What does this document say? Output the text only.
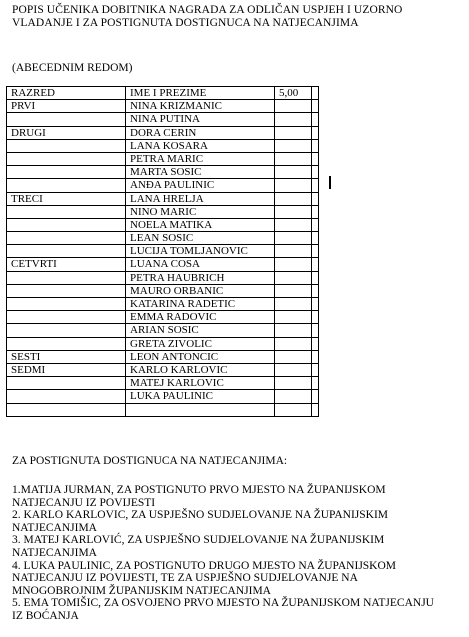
POPIS UČENIKA DOBITNIKA NAGRADA ZA ODLIČAN USPJEH I UZORNO
VLADANJE I ZA POSTIGNUTA DOSTIGNUCA NA NATJECANJIMA
(ABECEDNIM REDOM)
RAZRED	IME I PREZIME	5,00	
PRVI	NINA KRIZMANIC		
	NINA PUTINA		
DRUGI	DORA CERIN		
	LANA KOSARA		
	PETRA MARIC		
	MARTA SOSIC		
	ANĐA PAULINIC		
TRECI	LANA HRELJA		
	NINO MARIC		
	NOELA MATIKA		
	LEAN SOSIC		
	LUCIJA TOMLJANOVIC		
CETVRTI	LUANA COSA		
	PETRA HAUBRICH		
	MAURO ORBANIC		
	KATARINA RADETIC		
	EMMA RADOVIC		
	ARIAN SOSIC		
	GRETA ZIVOLIC		
SESTI	LEON ANTONCIC		
SEDMI	KARLO KARLOVIC		
	MATEJ KARLOVIC		
	LUKA PAULINIC		

ZA POSTIGNUTA DOSTIGNUCA NA NATJECANJIMA:

1.MATIJA JURMAN, ZA POSTIGNUTO PRVO MJESTO NA ŽUPANIJSKOM

NATJECANJU IZ POVIJESTI

2. KARLO KARLOVIC, ZA USPJEŠNO SUDJELOVANJE NA ŽUPANIJSKIM

NATJECANJIMA

3. MATEJ KARLOVIĆ, ZA USPJEŠNO SUDJELOVANJE NA ŽUPANIJSKIM

NATJECANJIMA

4. LUKA PAULINIC, ZA POSTIGNUTO DRUGO MJESTO NA ŽUPANIJSKOM

NATJECANJU IZ POVIJESTI, TE ZA USPJEŠNO SUDJELOVANJE NA

MNOGOBROJNIM ŽUPANIJSKIM NATJECANJIMA

5. EMA TOMIŠIC, ZA OSVOJENO PRVO MJESTO NA ŽUPANIJSKOM NATJECANJU

IZ BOĆANJA
